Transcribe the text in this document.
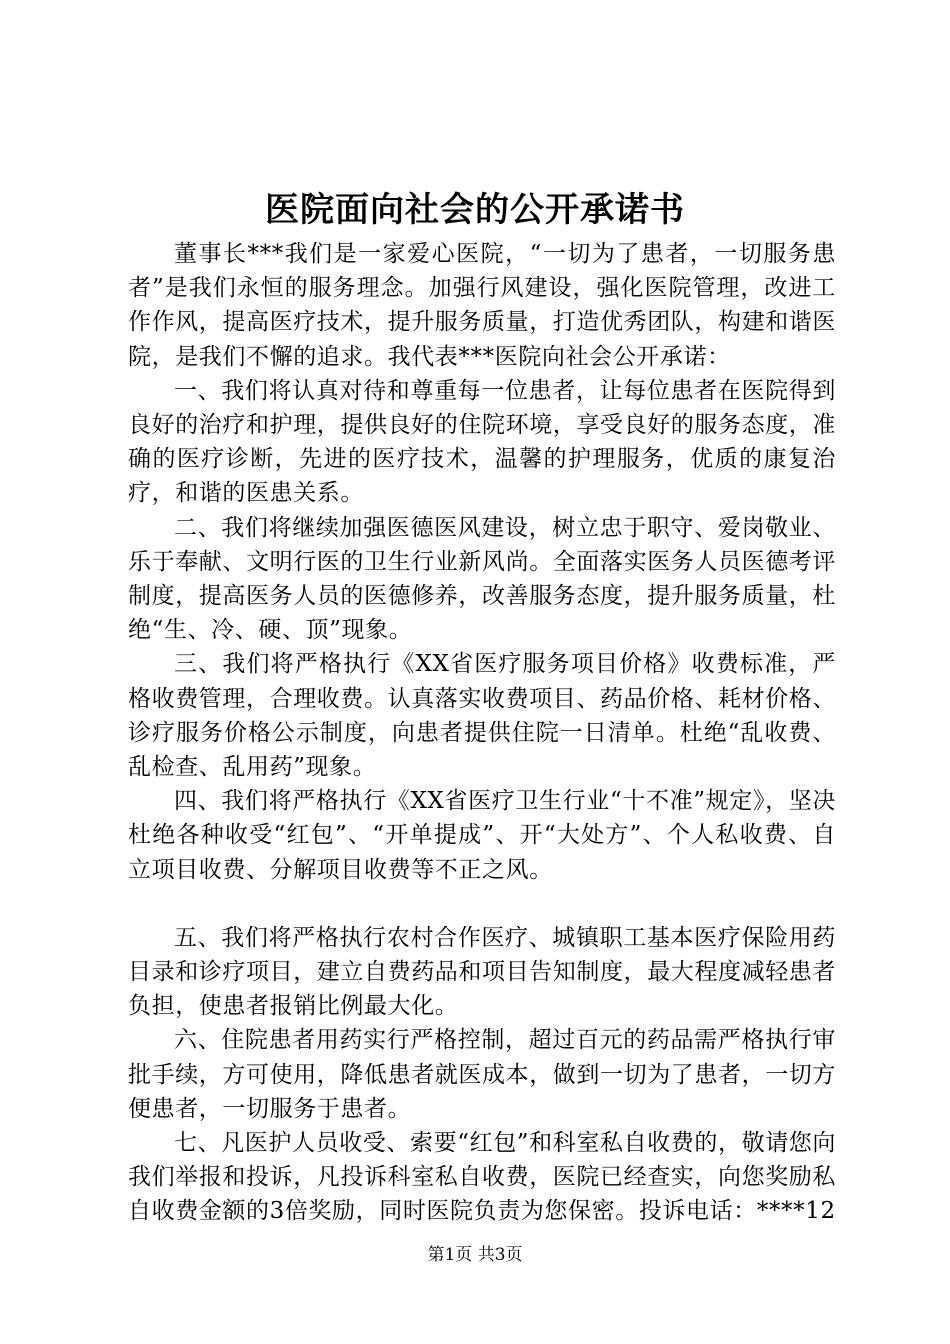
医院面向社会的公开承诺书

董事长***我们是一家爱心医院，“一切为了患者，一切服务患者”是我们永恒的服务理念。加强行风建设，强化医院管理，改进工作作风，提高医疗技术，提升服务质量，打造优秀团队，构建和谐医院，是我们不懈的追求。我代表***医院向社会公开承诺：

一、我们将认真对待和尊重每一位患者，让每位患者在医院得到良好的治疗和护理，提供良好的住院环境，享受良好的服务态度，准确的医疗诊断，先进的医疗技术，温馨的护理服务，优质的康复治疗，和谐的医患关系。

二、我们将继续加强医德医风建设，树立忠于职守、爱岗敬业、乐于奉献、文明行医的卫生行业新风尚。全面落实医务人员医德考评制度，提高医务人员的医德修养，改善服务态度，提升服务质量，杜绝“生、冷、硬、顶”现象。

三、我们将严格执行《XX省医疗服务项目价格》收费标准，严格收费管理，合理收费。认真落实收费项目、药品价格、耗材价格、诊疗服务价格公示制度，向患者提供住院一日清单。杜绝“乱收费、乱检查、乱用药”现象。

四、我们将严格执行《XX省医疗卫生行业“十不准”规定》，坚决杜绝各种收受“红包”、“开单提成”、开“大处方”、个人私收费、自立项目收费、分解项目收费等不正之风。

五、我们将严格执行农村合作医疗、城镇职工基本医疗保险用药目录和诊疗项目，建立自费药品和项目告知制度，最大程度减轻患者负担，使患者报销比例最大化。

六、住院患者用药实行严格控制，超过百元的药品需严格执行审批手续，方可使用，降低患者就医成本，做到一切为了患者，一切方便患者，一切服务于患者。

七、凡医护人员收受、索要“红包”和科室私自收费的，敬请您向我们举报和投诉，凡投诉科室私自收费，医院已经查实，向您奖励私自收费金额的3倍奖励，同时医院负责为您保密。投诉电话：****12

第1页 共3页
